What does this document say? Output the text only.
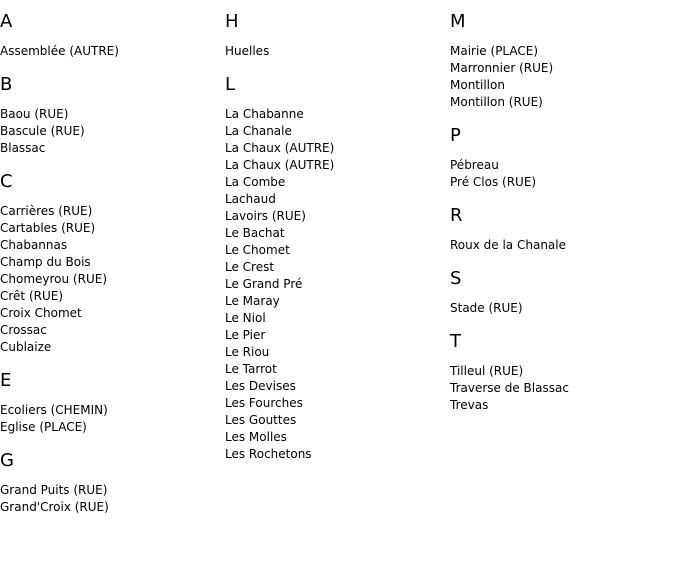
A
Assemblée (AUTRE)
B
Baou (RUE)
Bascule (RUE)
Blassac
C
Carrières (RUE)
Cartables (RUE)
Chabannas
Champ du Bois
Chomeyrou (RUE)
Crêt (RUE)
Croix Chomet
Crossac
Cublaize
E
Ecoliers (CHEMIN)
Eglise (PLACE)
G
Grand Puits (RUE)
Grand'Croix (RUE)
H
Huelles
L
La Chabanne
La Chanale
La Chaux (AUTRE)
La Chaux (AUTRE)
La Combe
Lachaud
Lavoirs (RUE)
Le Bachat
Le Chomet
Le Crest
Le Grand Pré
Le Maray
Le Niol
Le Pier
Le Riou
Le Tarrot
Les Devises
Les Fourches
Les Gouttes
Les Molles
Les Rochetons
M
Mairie (PLACE)
Marronnier (RUE)
Montillon
Montillon (RUE)
P
Pébreau
Pré Clos (RUE)
R
Roux de la Chanale
S
Stade (RUE)
T
Tilleul (RUE)
Traverse de Blassac
Trevas
